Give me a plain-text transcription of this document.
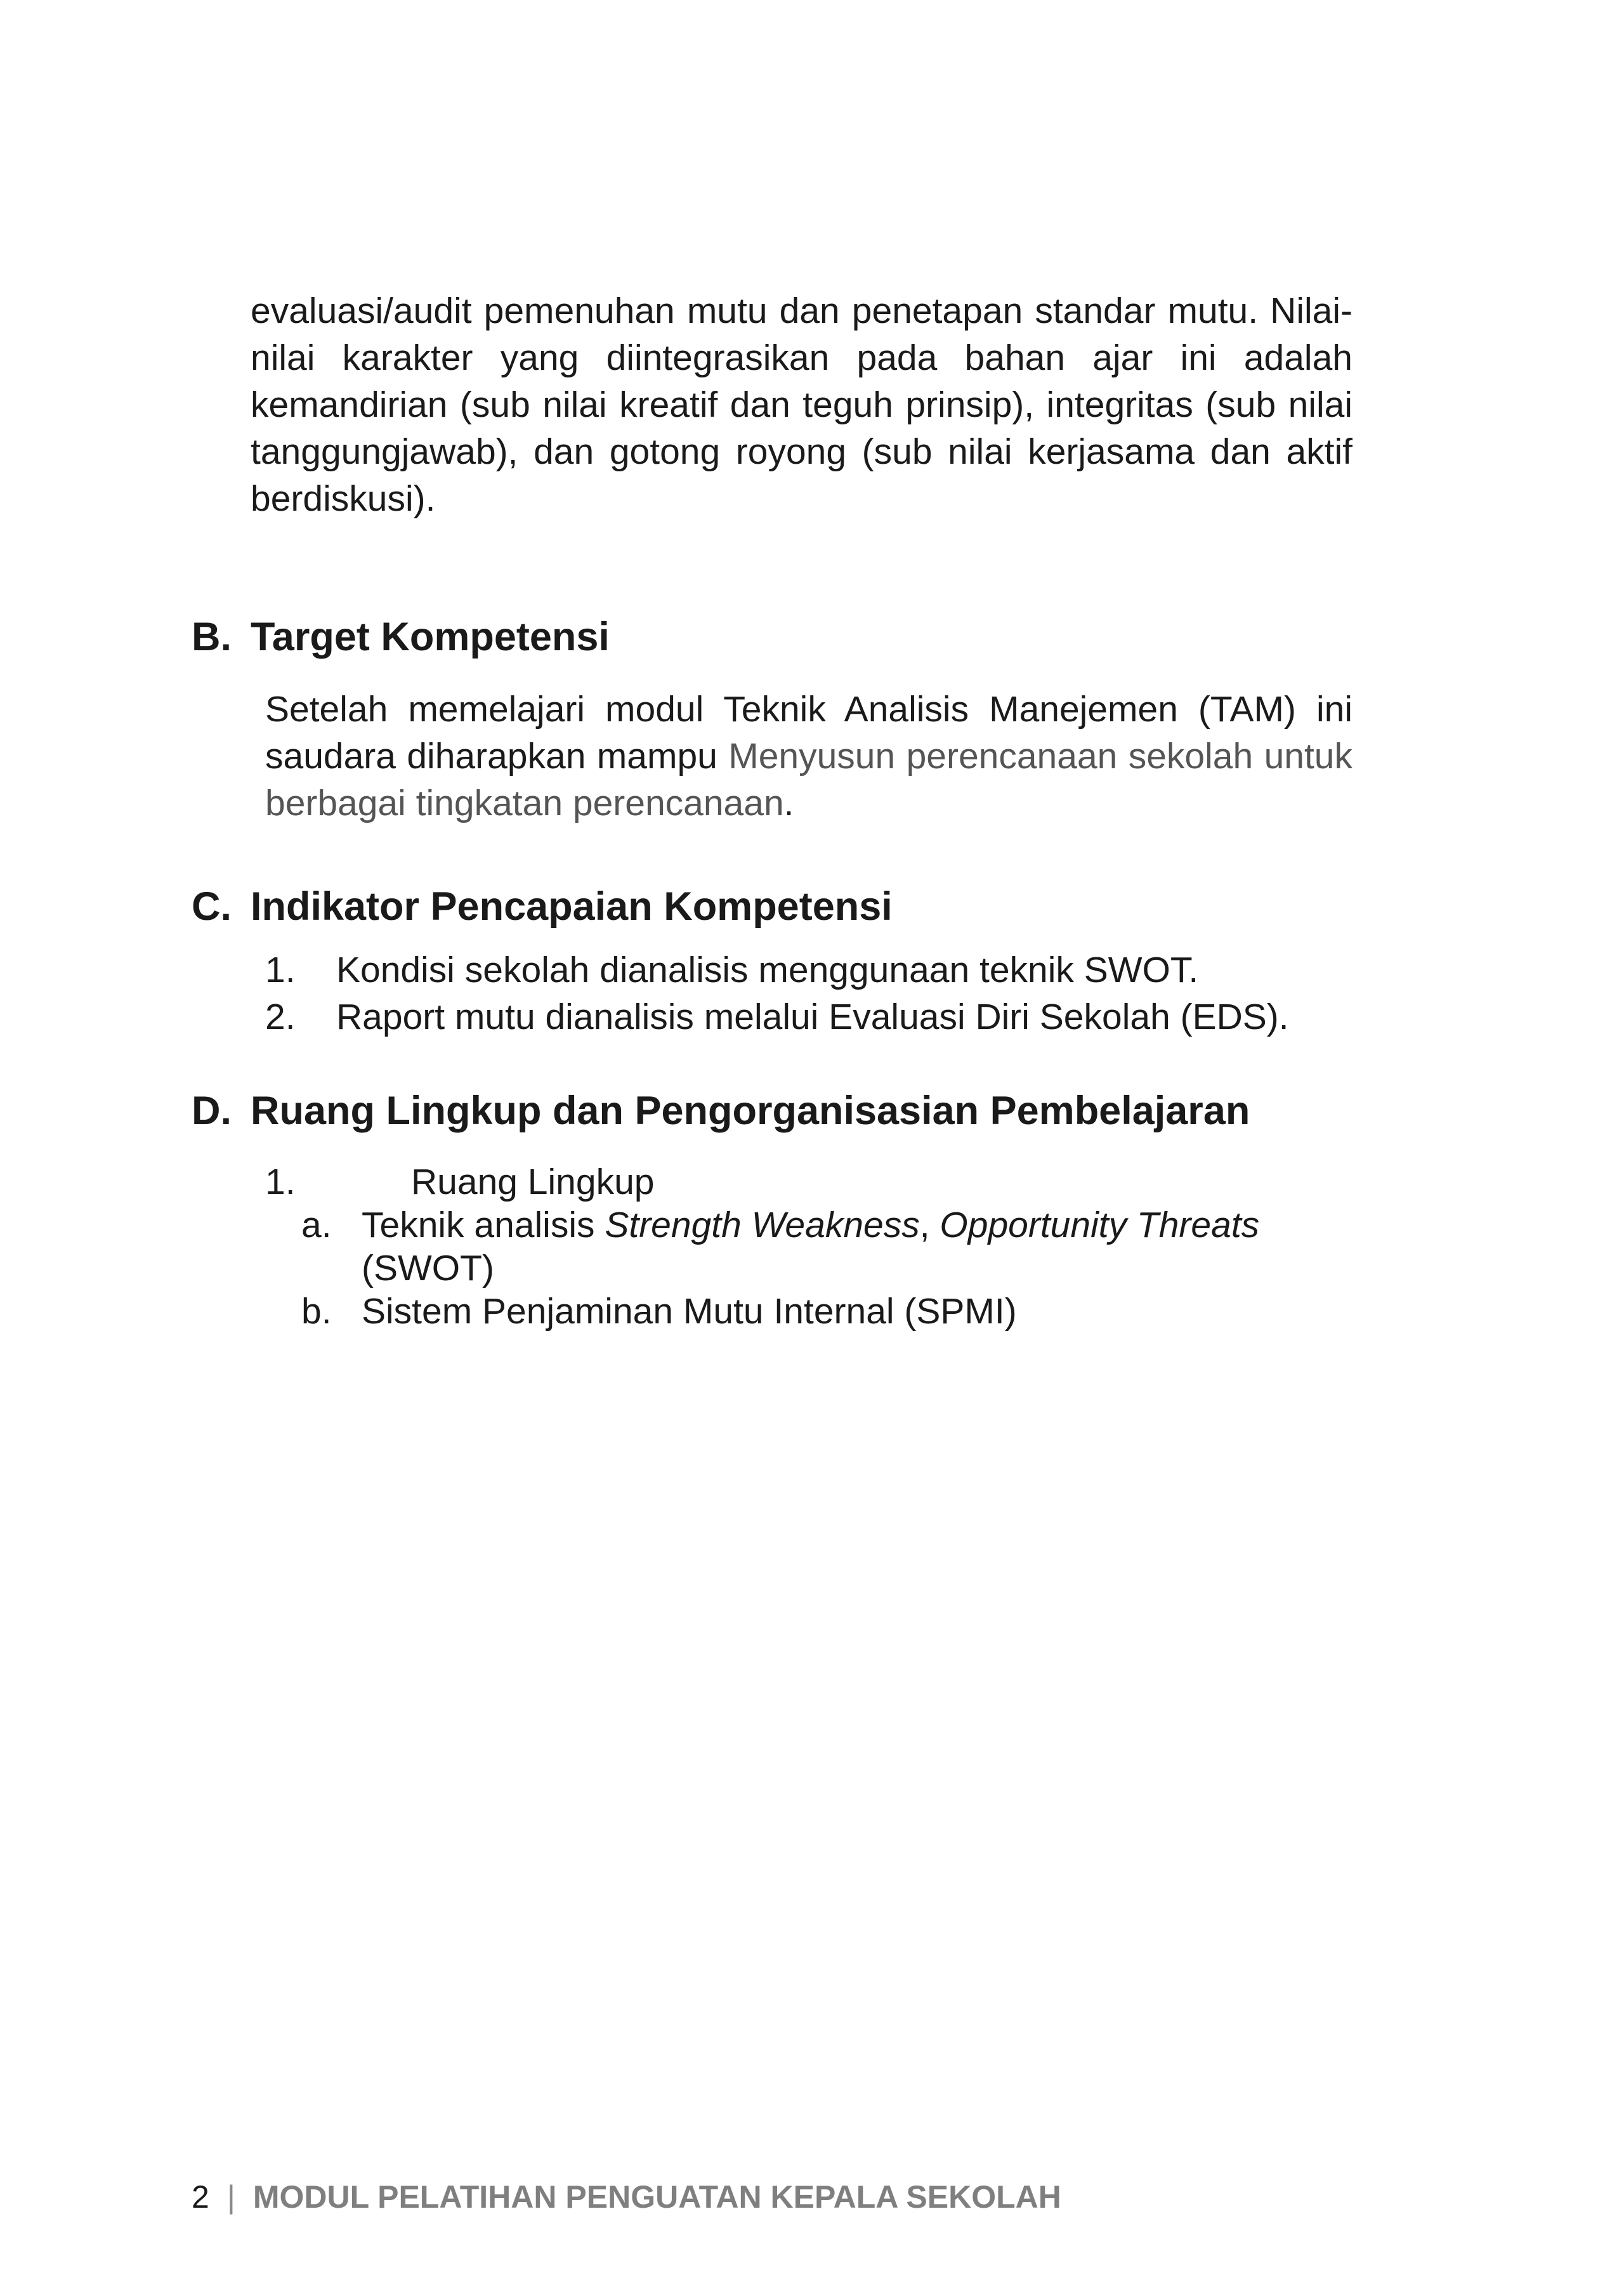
evaluasi/audit pemenuhan mutu dan penetapan standar mutu. Nilai-nilai karakter yang diintegrasikan pada bahan ajar ini adalah kemandirian (sub nilai kreatif dan teguh prinsip), integritas (sub nilai tanggungjawab), dan gotong royong (sub nilai kerjasama dan aktif berdiskusi).

B. Target Kompetensi

Setelah memelajari modul Teknik Analisis Manejemen (TAM) ini saudara diharapkan mampu Menyusun perencanaan sekolah untuk berbagai tingkatan perencanaan.

C. Indikator Pencapaian Kompetensi
1. Kondisi sekolah dianalisis menggunaan teknik SWOT.
2. Raport mutu dianalisis melalui Evaluasi Diri Sekolah (EDS).
D. Ruang Lingkup dan Pengorganisasian Pembelajaran
1.	Ruang Lingkup
a. Teknik analisis Strength Weakness, Opportunity Threats (SWOT)
b. Sistem Penjaminan Mutu Internal (SPMI)
2 | MODUL PELATIHAN PENGUATAN KEPALA SEKOLAH
